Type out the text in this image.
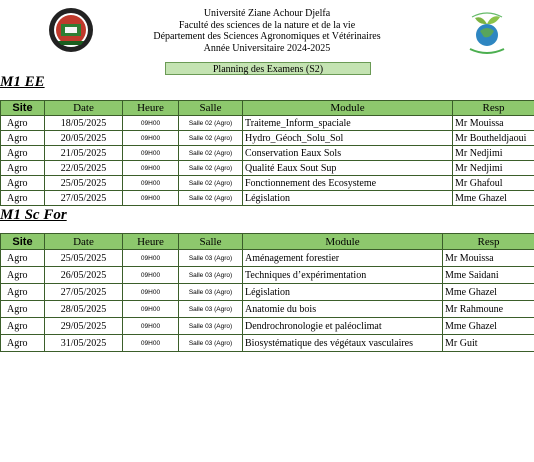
Université Ziane Achour Djelfa
Faculté des sciences de la nature et de la vie
Département des Sciences Agronomiques et Vétérinaires
Année Universitaire 2024-2025
Planning des Examens (S2)
M1 EE
Site	Date	Heure	Salle	Module	Resp
Agro	18/05/2025	09H00	Salle 02 (Agro)	Traiteme_Inform_spaciale	Mr Mouissa
Agro	20/05/2025	09H00	Salle 02 (Agro)	Hydro_Géoch_Solu_Sol	Mr Boutheldjaoui
Agro	21/05/2025	09H00	Salle 02 (Agro)	Conservation Eaux Sols	Mr Nedjimi
Agro	22/05/2025	09H00	Salle 02 (Agro)	Qualité Eaux Sout Sup	Mr Nedjimi
Agro	25/05/2025	09H00	Salle 02 (Agro)	Fonctionnement des Ecosysteme	Mr Ghafoul
Agro	27/05/2025	09H00	Salle 02 (Agro)	Législation	Mme Ghazel
M1 Sc For
Site	Date	Heure	Salle	Module	Resp
Agro	25/05/2025	09H00	Salle 03 (Agro)	Aménagement forestier	Mr Mouissa
Agro	26/05/2025	09H00	Salle 03 (Agro)	Techniques d’expérimentation	Mme Saidani
Agro	27/05/2025	09H00	Salle 03 (Agro)	Législation	Mme Ghazel
Agro	28/05/2025	09H00	Salle 03 (Agro)	Anatomie du bois	Mr Rahmoune
Agro	29/05/2025	09H00	Salle 03 (Agro)	Dendrochronologie et paléoclimat	Mme Ghazel
Agro	31/05/2025	09H00	Salle 03 (Agro)	Biosystématique des végétaux vasculaires	Mr Guit
